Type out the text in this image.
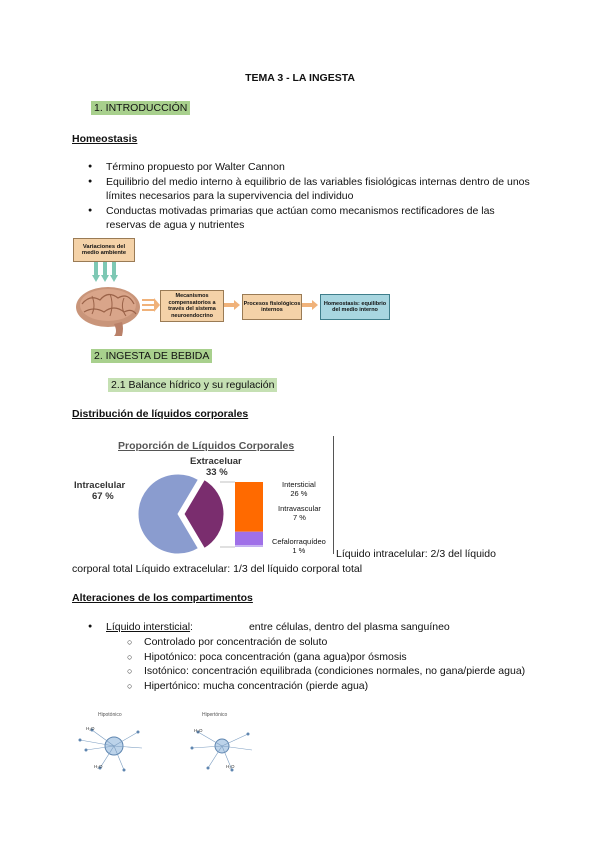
TEMA 3 - LA INGESTA
1. INTRODUCCIÓN
Homeostasis
● Término propuesto por Walter Cannon
● Equilibrio del medio interno à equilibrio de las variables fisiológicas internas dentro de unos límites necesarios para la supervivencia del individuo
● Conductas motivadas primarias que actúan como mecanismos rectificadores de las reservas de agua y nutrientes
Variaciones del medio ambiente
Mecanismos compensatorios a través del sistema neuroendocrino
Procesos fisiológicos internos
Homeostasis: equilibrio del medio interno
2. INGESTA DE BEBIDA
2.1 Balance hídrico y su regulación
Distribución de líquidos corporales
Proporción de Líquidos Corporales
Intracelular
67 %
Extraceluar
33 %
Intersticial
26 %
Intravascular
7 %
Cefalorraquídeo
1 %	Líquido intracelular: 2/3 del líquido corporal total Líquido extracelular: 1/3 del líquido corporal total
Alteraciones de los compartimentos
● Líquido intersticial:	entre células, dentro del plasma sanguíneo
○ Controlado por concentración de soluto
○ Hipotónico: poca concentración (gana agua)por ósmosis
○ Isotónico: concentración equilibrada (condiciones normales, no gana/pierde agua)
○ Hipertónico: mucha concentración (pierde agua)
Hipotónico
H₂O
H₂O
Hipertónico
H₂O
H₂O
